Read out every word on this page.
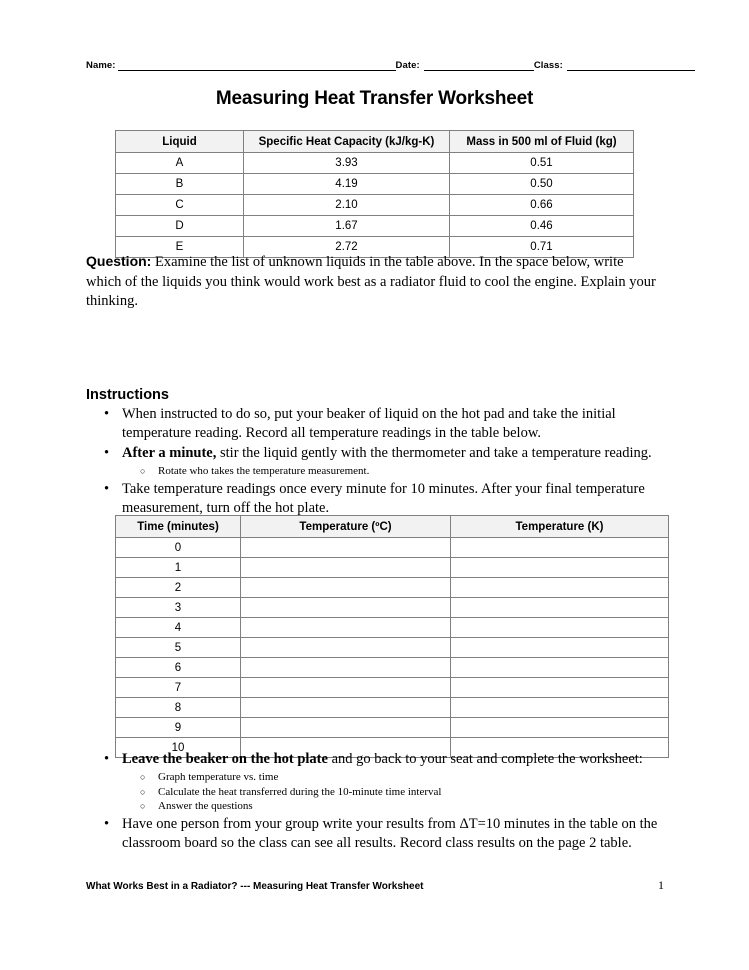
Name:	Date:	Class:
Measuring Heat Transfer Worksheet
Liquid	Specific Heat Capacity (kJ/kg-K)	Mass in 500 ml of Fluid (kg)
A	3.93	0.51
B	4.19	0.50
C	2.10	0.66
D	1.67	0.46
E	2.72	0.71
Question: Examine the list of unknown liquids in the table above. In the space below, write which of the liquids you think would work best as a radiator fluid to cool the engine. Explain your thinking.
Instructions
• When instructed to do so, put your beaker of liquid on the hot pad and take the initial temperature reading. Record all temperature readings in the table below.
• After a minute, stir the liquid gently with the thermometer and take a temperature reading.
○ Rotate who takes the temperature measurement.
• Take temperature readings once every minute for 10 minutes. After your final temperature measurement, turn off the hot plate.
Time (minutes)	Temperature (ºC)	Temperature (K)
0		
1		
2		
3		
4		
5		
6		
7		
8		
9		
10		
• Leave the beaker on the hot plate and go back to your seat and complete the worksheet:
○ Graph temperature vs. time
○ Calculate the heat transferred during the 10-minute time interval
○ Answer the questions
• Have one person from your group write your results from ΔT=10 minutes in the table on the classroom board so the class can see all results. Record class results on the page 2 table.
What Works Best in a Radiator? --- Measuring Heat Transfer Worksheet	1
